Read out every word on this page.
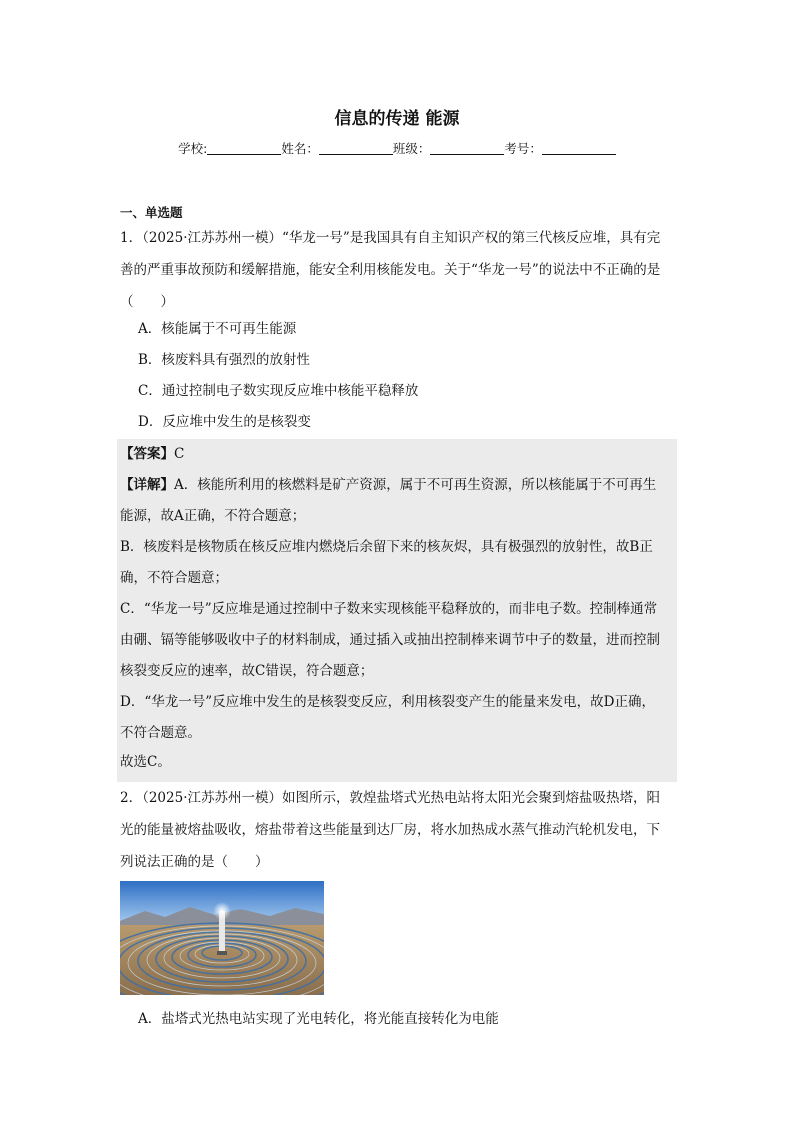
信息的传递 能源
学校:	姓名：	班级：	考号：
一、单选题
1．（2025·江苏苏州一模）“华龙一号”是我国具有自主知识产权的第三代核反应堆，具有完
善的严重事故预防和缓解措施，能安全利用核能发电。关于“华龙一号”的说法中不正确的是
（　　）
A．核能属于不可再生能源
B．核废料具有强烈的放射性
C．通过控制电子数实现反应堆中核能平稳释放
D．反应堆中发生的是核裂变
【答案】C
【详解】A．核能所利用的核燃料是矿产资源，属于不可再生资源，所以核能属于不可再生
能源，故A正确，不符合题意；
B．核废料是核物质在核反应堆内燃烧后余留下来的核灰烬，具有极强烈的放射性，故B正
确，不符合题意；
C．“华龙一号”反应堆是通过控制中子数来实现核能平稳释放的，而非电子数。控制棒通常
由硼、镉等能够吸收中子的材料制成，通过插入或抽出控制棒来调节中子的数量，进而控制
核裂变反应的速率，故C错误，符合题意；
D．“华龙一号”反应堆中发生的是核裂变反应，利用核裂变产生的能量来发电，故D正确，
不符合题意。
故选C。
2．（2025·江苏苏州一模）如图所示，敦煌盐塔式光热电站将太阳光会聚到熔盐吸热塔，阳
光的能量被熔盐吸收，熔盐带着这些能量到达厂房，将水加热成水蒸气推动汽轮机发电，下
列说法正确的是（　　）
A．盐塔式光热电站实现了光电转化，将光能直接转化为电能
